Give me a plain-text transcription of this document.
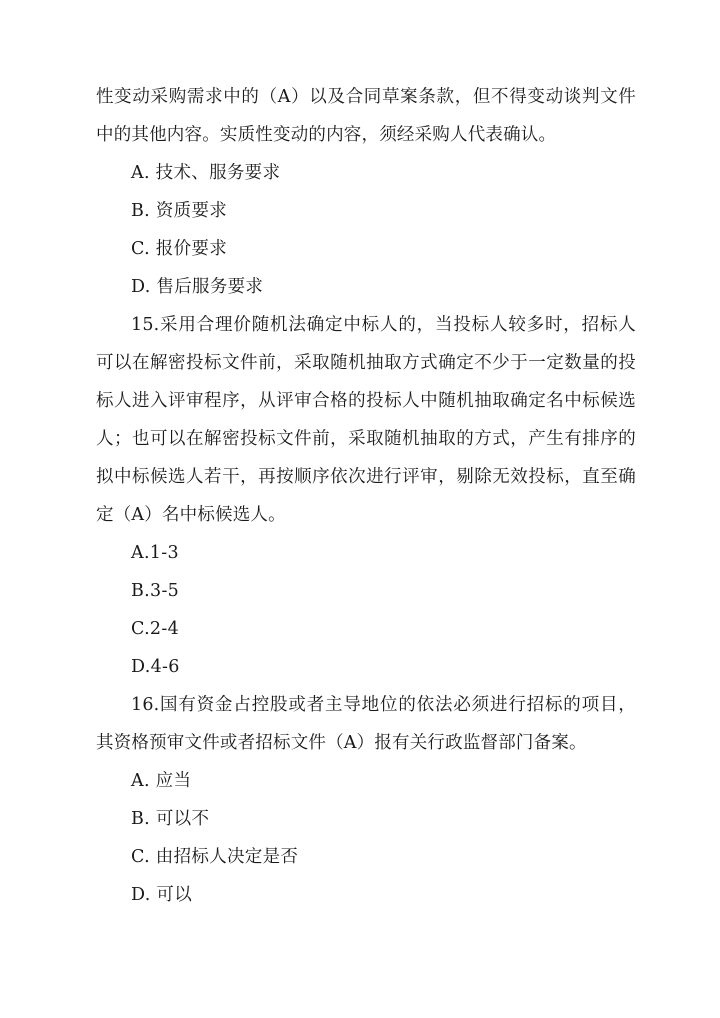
性变动采购需求中的（A）以及合同草案条款，但不得变动谈判文件中的其他内容。实质性变动的内容，须经采购人代表确认。

A. 技术、服务要求

B. 资质要求

C. 报价要求

D. 售后服务要求

15.采用合理价随机法确定中标人的，当投标人较多时，招标人可以在解密投标文件前，采取随机抽取方式确定不少于一定数量的投标人进入评审程序，从评审合格的投标人中随机抽取确定名中标候选人；也可以在解密投标文件前，采取随机抽取的方式，产生有排序的拟中标候选人若干，再按顺序依次进行评审，剔除无效投标，直至确定（A）名中标候选人。

A.1-3

B.3-5

C.2-4

D.4-6

16.国有资金占控股或者主导地位的依法必须进行招标的项目，其资格预审文件或者招标文件（A）报有关行政监督部门备案。

A. 应当

B. 可以不

C. 由招标人决定是否

D. 可以
